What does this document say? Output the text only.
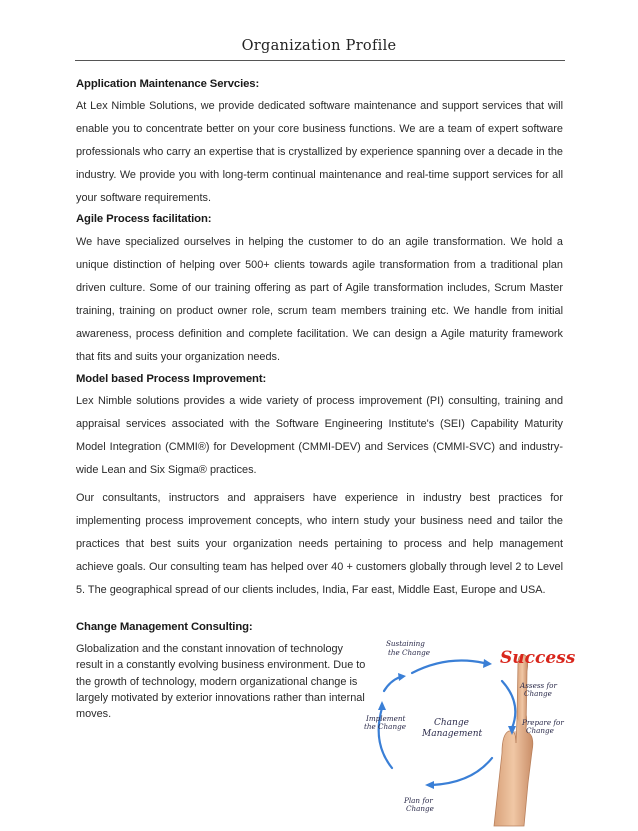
Organization Profile
Application Maintenance Servcies:

At Lex Nimble Solutions, we provide dedicated software maintenance and support services that will enable you to concentrate better on your core business functions. We are a team of expert software professionals who carry an expertise that is crystallized by experience spanning over a decade in the industry. We provide you with long-term continual maintenance and real-time support services for all your software requirements.

Agile Process facilitation:

We have specialized ourselves in helping the customer to do an agile transformation. We hold a unique distinction of helping over 500+ clients towards agile transformation from a traditional plan driven culture. Some of our training offering as part of Agile transformation includes, Scrum Master training, training on product owner role, scrum team members training etc. We handle from initial awareness, process definition and complete facilitation. We can design a Agile maturity framework that fits and suits your organization needs.

Model based Process Improvement:

Lex Nimble solutions provides a wide variety of process improvement (PI) consulting, training and appraisal services associated with the Software Engineering Institute's (SEI) Capability Maturity Model Integration (CMMI®) for Development (CMMI-DEV) and Services (CMMI-SVC) and industry-wide Lean and Six Sigma® practices.

Our consultants, instructors and appraisers have experience in industry best practices for implementing process improvement concepts, who intern study your business need and tailor the practices that best suits your organization needs pertaining to process and help management achieve goals. Our consulting team has helped over 40 + customers globally through level 2 to Level 5. The geographical spread of our clients includes, India, Far east, Middle East, Europe and USA.

Change Management Consulting:

Globalization and the constant innovation of technology result in a constantly evolving business environment. Due to the growth of technology, modern organizational change is largely motivated by exterior innovations rather than internal moves.

Success
Sustaining
the Change
Assess for
Change
Prepare for
Change
Plan for
Change
Implement
the Change	Change
Management
